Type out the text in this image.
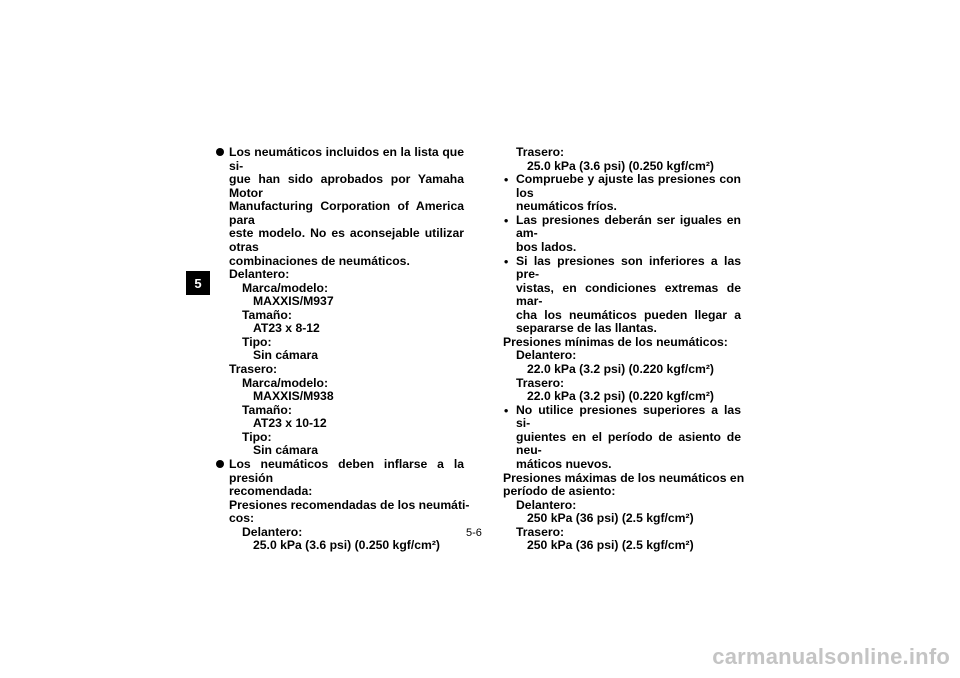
5
Los neumáticos incluidos en la lista que si-
gue han sido aprobados por Yamaha Motor
Manufacturing Corporation of America para
este modelo. No es aconsejable utilizar otras
combinaciones de neumáticos.
Delantero:
Marca/modelo:
MAXXIS/M937
Tamaño:
AT23 x 8-12
Tipo:
Sin cámara
Trasero:
Marca/modelo:
MAXXIS/M938
Tamaño:
AT23 x 10-12
Tipo:
Sin cámara
Los neumáticos deben inflarse a la presión
recomendada:
Presiones recomendadas de los neumáti-
cos:
Delantero:
25.0 kPa (3.6 psi) (0.250 kgf/cm²)
Trasero:
25.0 kPa (3.6 psi) (0.250 kgf/cm²)
• Compruebe y ajuste las presiones con los
neumáticos fríos.
• Las presiones deberán ser iguales en am-
bos lados.
• Si las presiones son inferiores a las pre-
vistas, en condiciones extremas de mar-
cha los neumáticos pueden llegar a
separarse de las llantas.
Presiones mínimas de los neumáticos:
Delantero:
22.0 kPa (3.2 psi) (0.220 kgf/cm²)
Trasero:
22.0 kPa (3.2 psi) (0.220 kgf/cm²)
• No utilice presiones superiores a las si-
guientes en el período de asiento de neu-
máticos nuevos.
Presiones máximas de los neumáticos en
período de asiento:
Delantero:
250 kPa (36 psi) (2.5 kgf/cm²)
Trasero:
250 kPa (36 psi) (2.5 kgf/cm²)
5-6
carmanualsonline.info
